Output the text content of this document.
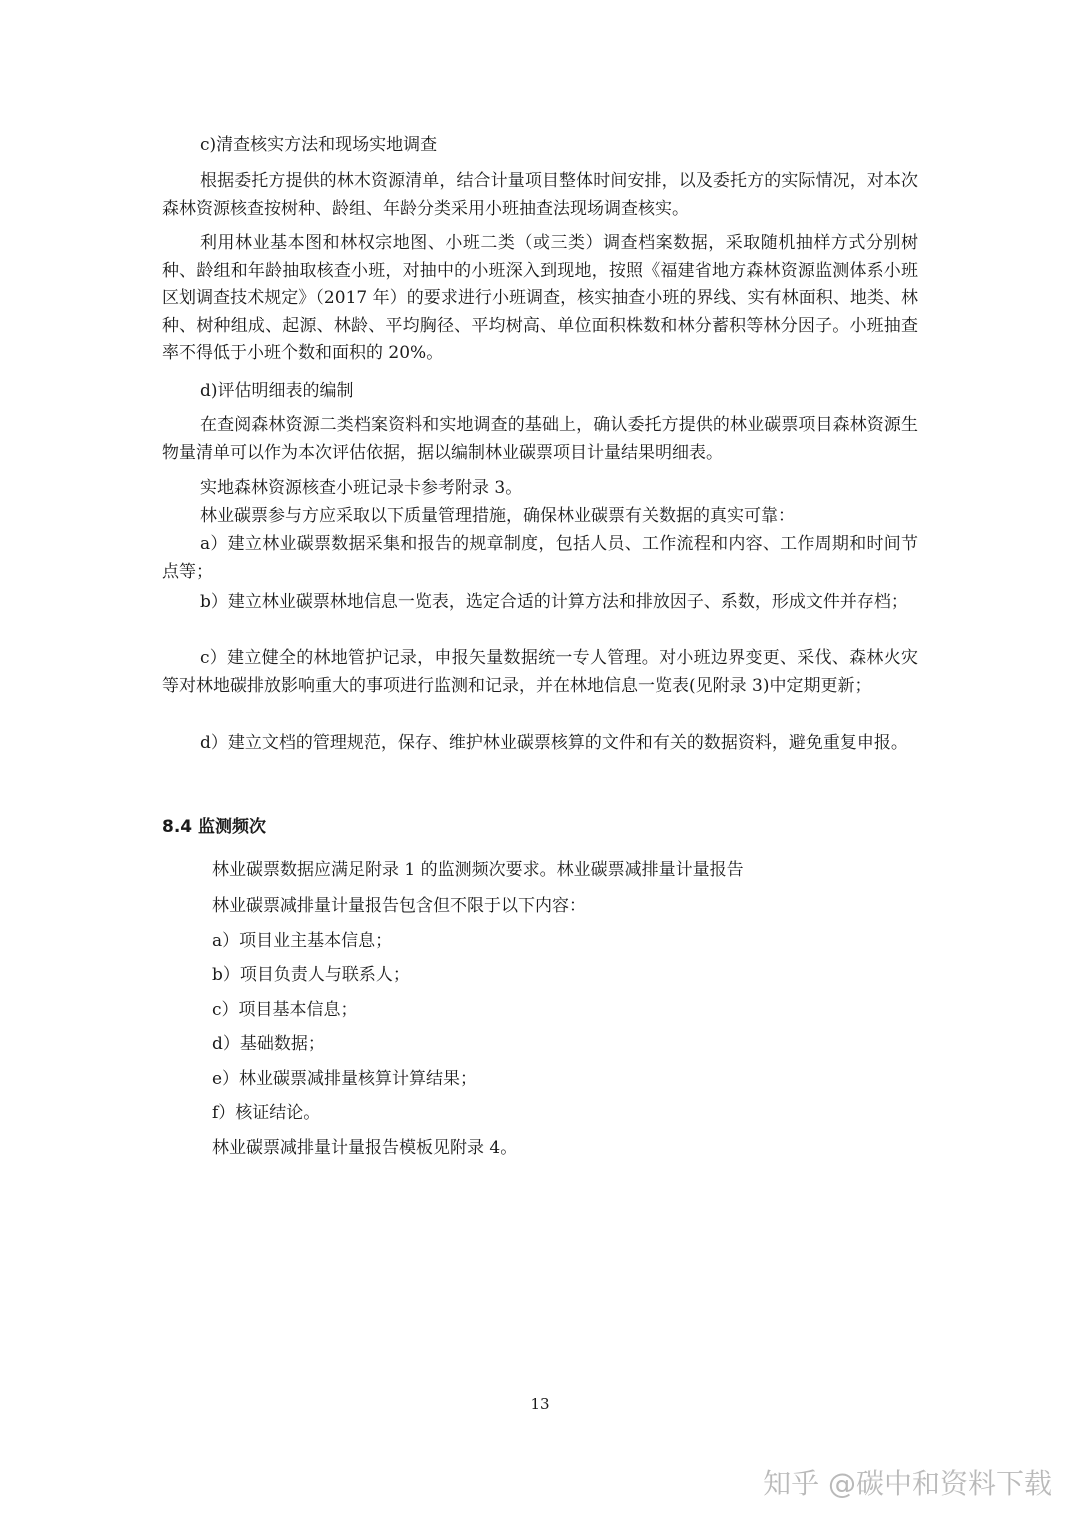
c)清查核实方法和现场实地调查

根据委托方提供的林木资源清单，结合计量项目整体时间安排，以及委托方的实际情况，对本次森林资源核查按树种、龄组、年龄分类采用小班抽查法现场调查核实。

利用林业基本图和林权宗地图、小班二类（或三类）调查档案数据，采取随机抽样方式分别树种、龄组和年龄抽取核查小班，对抽中的小班深入到现地，按照《福建省地方森林资源监测体系小班区划调查技术规定》（2017 年）的要求进行小班调查，核实抽查小班的界线、实有林面积、地类、林种、树种组成、起源、林龄、平均胸径、平均树高、单位面积株数和林分蓄积等林分因子。小班抽查率不得低于小班个数和面积的 20%。

d)评估明细表的编制

在查阅森林资源二类档案资料和实地调查的基础上，确认委托方提供的林业碳票项目森林资源生物量清单可以作为本次评估依据，据以编制林业碳票项目计量结果明细表。

实地森林资源核查小班记录卡参考附录 3。

林业碳票参与方应采取以下质量管理措施，确保林业碳票有关数据的真实可靠：

a）建立林业碳票数据采集和报告的规章制度，包括人员、工作流程和内容、工作周期和时间节点等；

b）建立林业碳票林地信息一览表，选定合适的计算方法和排放因子、系数，形成文件并存档；

c）建立健全的林地管护记录，申报矢量数据统一专人管理。对小班边界变更、采伐、森林火灾等对林地碳排放影响重大的事项进行监测和记录，并在林地信息一览表(见附录 3)中定期更新；

d）建立文档的管理规范，保存、维护林业碳票核算的文件和有关的数据资料，避免重复申报。

8.4 监测频次
林业碳票数据应满足附录 1 的监测频次要求。林业碳票减排量计量报告
林业碳票减排量计量报告包含但不限于以下内容：
a）项目业主基本信息；
b）项目负责人与联系人；
c）项目基本信息；
d）基础数据；
e）林业碳票减排量核算计算结果；
f）核证结论。
林业碳票减排量计量报告模板见附录 4。
13
知乎 @碳中和资料下载
